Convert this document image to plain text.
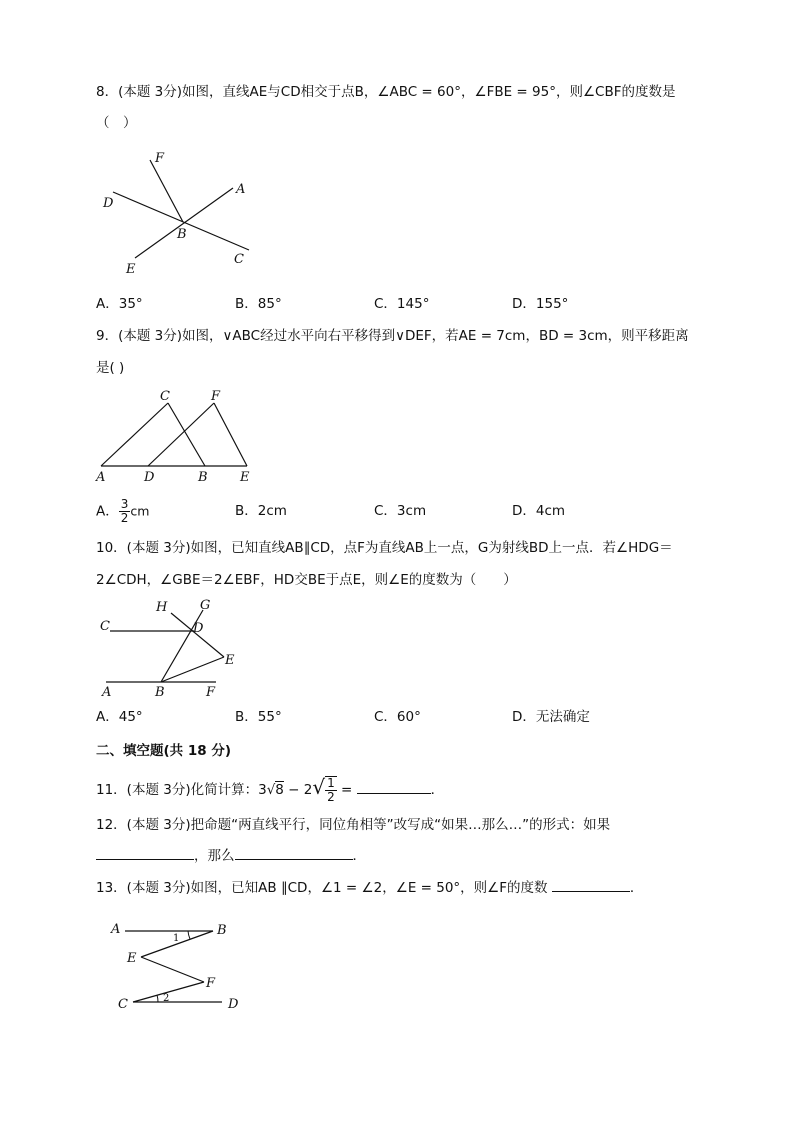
8．(本题 3分)如图，直线AE与CD相交于点B，∠ABC = 60°，∠FBE = 95°，则∠CBF的度数是
（　）
F
D
A
B
E
C
A．35°	B．85°	C．145°	D．155°
9．(本题 3分)如图，∨ABC经过水平向右平移得到∨DEF，若AE = 7cm，BD = 3cm，则平移距离
是( )
C	F
A	D	B E
A． $\frac{3}{2}$ cm	B．2cm	C．3cm	D．4cm
10．(本题 3分)如图，已知直线AB∥CD，点F为直线AB上一点，G为射线BD上一点．若∠HDG＝
2∠CDH，∠GBE＝2∠EBF，HD交BE于点E，则∠E的度数为（　　）
H	G
C	D
E
A	B	F
A．45°	B．55°	C．60°	D．无法确定
二、填空题(共 18 分)
11．(本题 3分)化简计算：$3√8 - 2√ \frac{1}{2}$ =	．
12．(本题 3分)把命题“两直线平行，同位角相等”改写成“如果…那么…”的形式：如果
，那么	．
13．(本题 3分)如图，已知AB ∥CD，∠1 = ∠2，∠E = 50°，则∠F的度数	．
A	B
E
F
C	D
1
2
